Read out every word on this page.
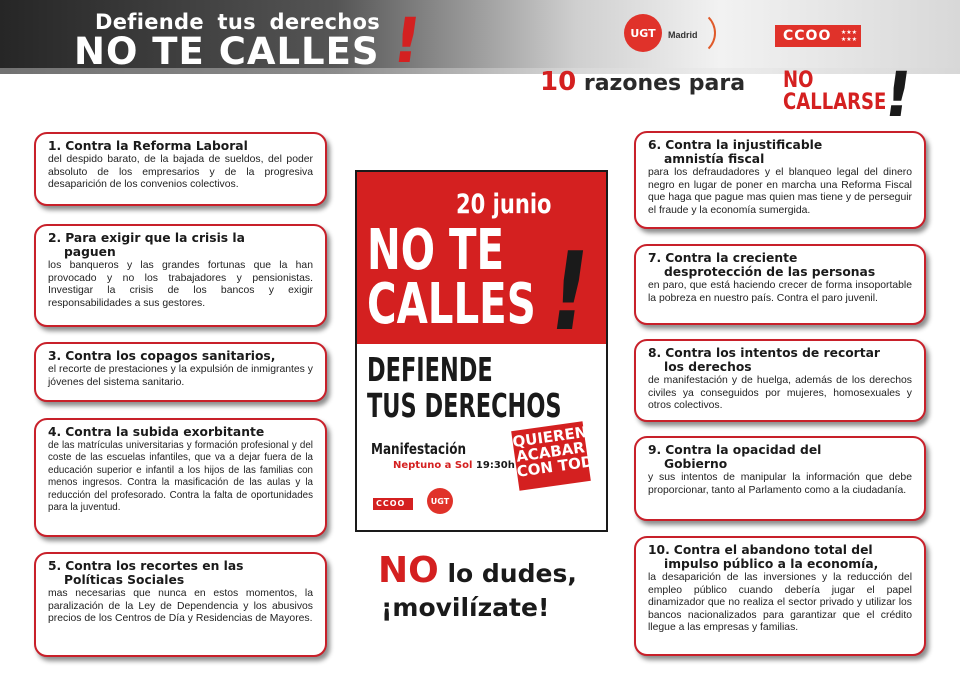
Defiende tus derechos
NO TE CALLES !	UGT Madrid	CCOO ★★★
★★★
10 razones para NO
CALLARSE
!
1. Contra la Reforma Laboral
del despido barato, de la bajada de sueldos, del poder absoluto de los empresarios y de la progresiva desaparición de los convenios colectivos.
2. Para exigir que la crisis la
paguen
los banqueros y las grandes fortunas que la han provocado y no los trabajadores y pensionistas. Investigar la crisis de los bancos y exigir responsabilidades a sus gestores.
3. Contra los copagos sanitarios,
el recorte de prestaciones y la expulsión de inmigrantes y jóvenes del sistema sanitario.
4. Contra la subida exorbitante
de las matrículas universitarias y formación profesional y del coste de las escuelas infantiles, que va a dejar fuera de la educación superior e infantil a los hijos de las familias con menos ingresos. Contra la masificación de las aulas y la reducción del profesorado. Contra la falta de oportunidades para la juventud.
5. Contra los recortes en las
Políticas Sociales
mas necesarias que nunca en estos momentos, la paralización de la Ley de Dependencia y los abusivos precios de los Centros de Día y Residencias de Mayores.
6. Contra la injustificable
amnistía fiscal
para los defraudadores y el blanqueo legal del dinero negro en lugar de poner en marcha una Reforma Fiscal que haga que pague mas quien mas tiene y de perseguir el fraude y la economía sumergida.
7. Contra la creciente
desprotección de las personas
en paro, que está haciendo crecer de forma insoportable la pobreza en nuestro país. Contra el paro juvenil.
8. Contra los intentos de recortar
los derechos
de manifestación y de huelga, además de los derechos civiles ya conseguidos por mujeres, homosexuales y otros colectivos.
9. Contra la opacidad del
Gobierno
y sus intentos de manipular la información que debe proporcionar, tanto al Parlamento como a la ciudadanía.
10. Contra el abandono total del
impulso público a la economía,
la desaparición de las inversiones y la reducción del empleo público cuando debería jugar el papel dinamizador que no realiza el sector privado y utilizar los bancos nacionalizados para garantizar que el crédito llegue a las empresas y familias.
20 junio
NO TE
CALLES !
DEFIENDE
TUS DERECHOS
Manifestación
Neptuno a Sol 19:30h
QUIEREN
ACABAR
CON TODO
CCOO	UGT
NO lo dudes,
¡movilízate!
